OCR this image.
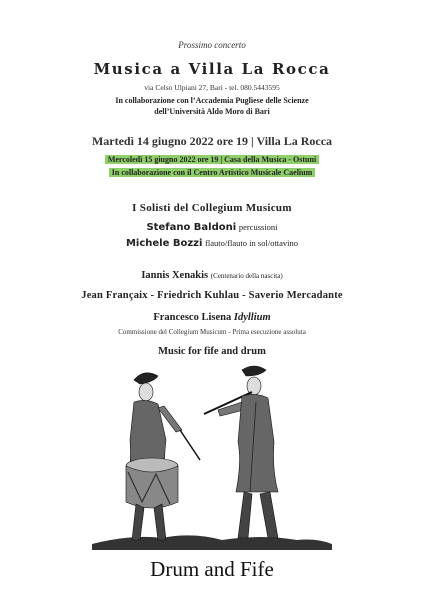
Prossimo concerto
Musica a Villa La Rocca
via Celso Ulpiani 27, Bari - tel. 080.5443595
In collaborazione con l’Accademia Pugliese delle Scienze
dell’Università Aldo Moro di Bari
Martedì 14 giugno 2022 ore 19 | Villa La Rocca
Mercoledì 15 giugno 2022 ore 19 | Casa della Musica - Ostuni
In collaborazione con il Centro Artistico Musicale Caelium
I Solisti del Collegium Musicum
Stefano Baldoni percussioni
Michele Bozzi flauto/flauto in sol/ottavino
Iannis Xenakis (Centenario della nascita)
Jean Françaix - Friedrich Kuhlau - Saverio Mercadante
Francesco Lisena Idyllium
Commissione del Collegium Musicum - Prima esecuzione assoluta
Music for fife and drum
Drum and Fife
